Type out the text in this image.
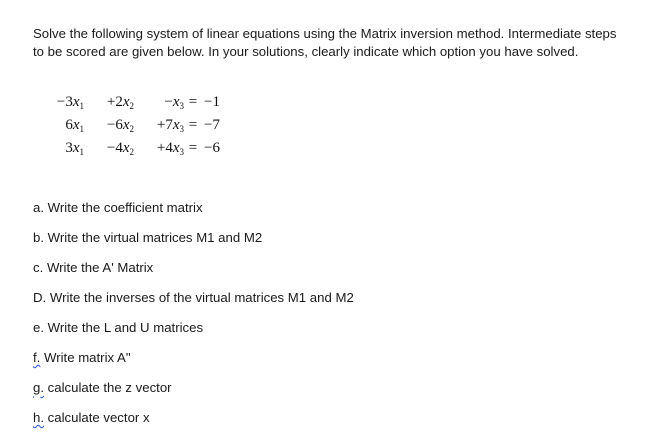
Solve the following system of linear equations using the Matrix inversion method. Intermediate steps
to be scored are given below. In your solutions, clearly indicate which option you have solved.

$-3x_1$	$+2x_2$	$-x_3 = -1$
$6x_1$	$-6x_2$	$+7x_3 = -7$
$3x_1$	$-4x_2$	$+4x_3 = -6$
a. Write the coefficient matrix
b. Write the virtual matrices M1 and M2
c. Write the A' Matrix
D. Write the inverses of the virtual matrices M1 and M2
e. Write the L and U matrices
f. Write matrix A"
g. calculate the z vector
h. calculate vector x
